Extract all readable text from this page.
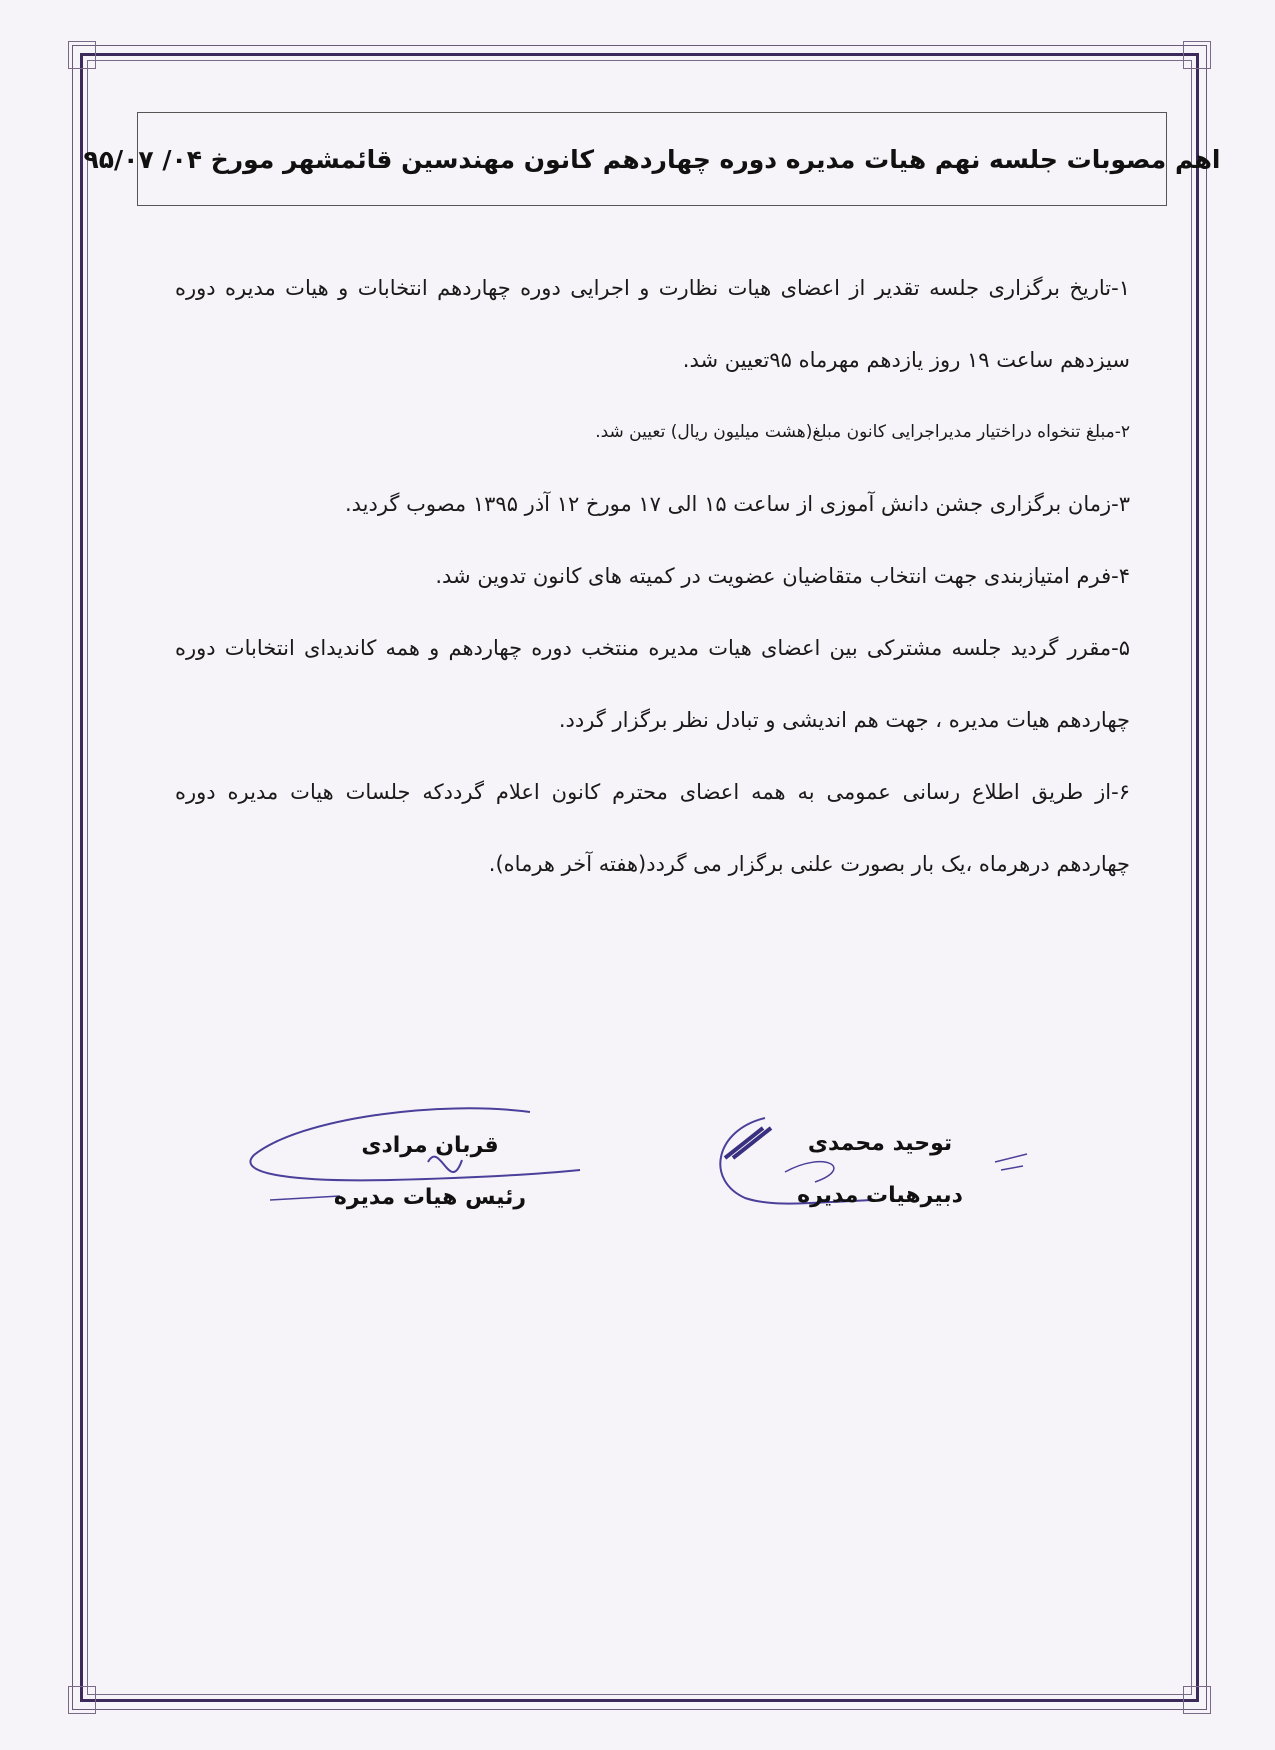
اهم مصوبات جلسه نهم هیات مدیره دوره چهاردهم کانون مهندسین قائمشهر مورخ ۰۴/ ۹۵/۰۷

۱-تاریخ برگزاری جلسه تقدیر از اعضای هیات نظارت و اجرایی دوره چهاردهم انتخابات و هیات مدیره دوره سیزدهم ساعت ۱۹ روز یازدهم مهرماه ۹۵تعیین شد.

۲-مبلغ تنخواه دراختیار مدیراجرایی کانون مبلغ(هشت میلیون ریال) تعیین شد.

۳-زمان برگزاری جشن دانش آموزی از ساعت ۱۵ الی ۱۷ مورخ ۱۲ آذر ۱۳۹۵ مصوب گردید.

۴-فرم امتیازبندی جهت انتخاب متقاضیان عضویت در کمیته های کانون تدوین شد.

۵-مقرر گردید جلسه مشترکی بین اعضای هیات مدیره منتخب دوره چهاردهم و همه کاندیدای انتخابات دوره چهاردهم هیات مدیره ، جهت هم اندیشی و تبادل نظر برگزار گردد.

۶-از طریق اطلاع رسانی عمومی به همه اعضای محترم کانون اعلام گرددکه جلسات هیات مدیره دوره چهاردهم درهرماه ،یک بار بصورت علنی برگزار می گردد(هفته آخر هرماه).

قربان مرادی
رئیس هیات مدیره
توحید محمدی
دبیرهیات مدیره
